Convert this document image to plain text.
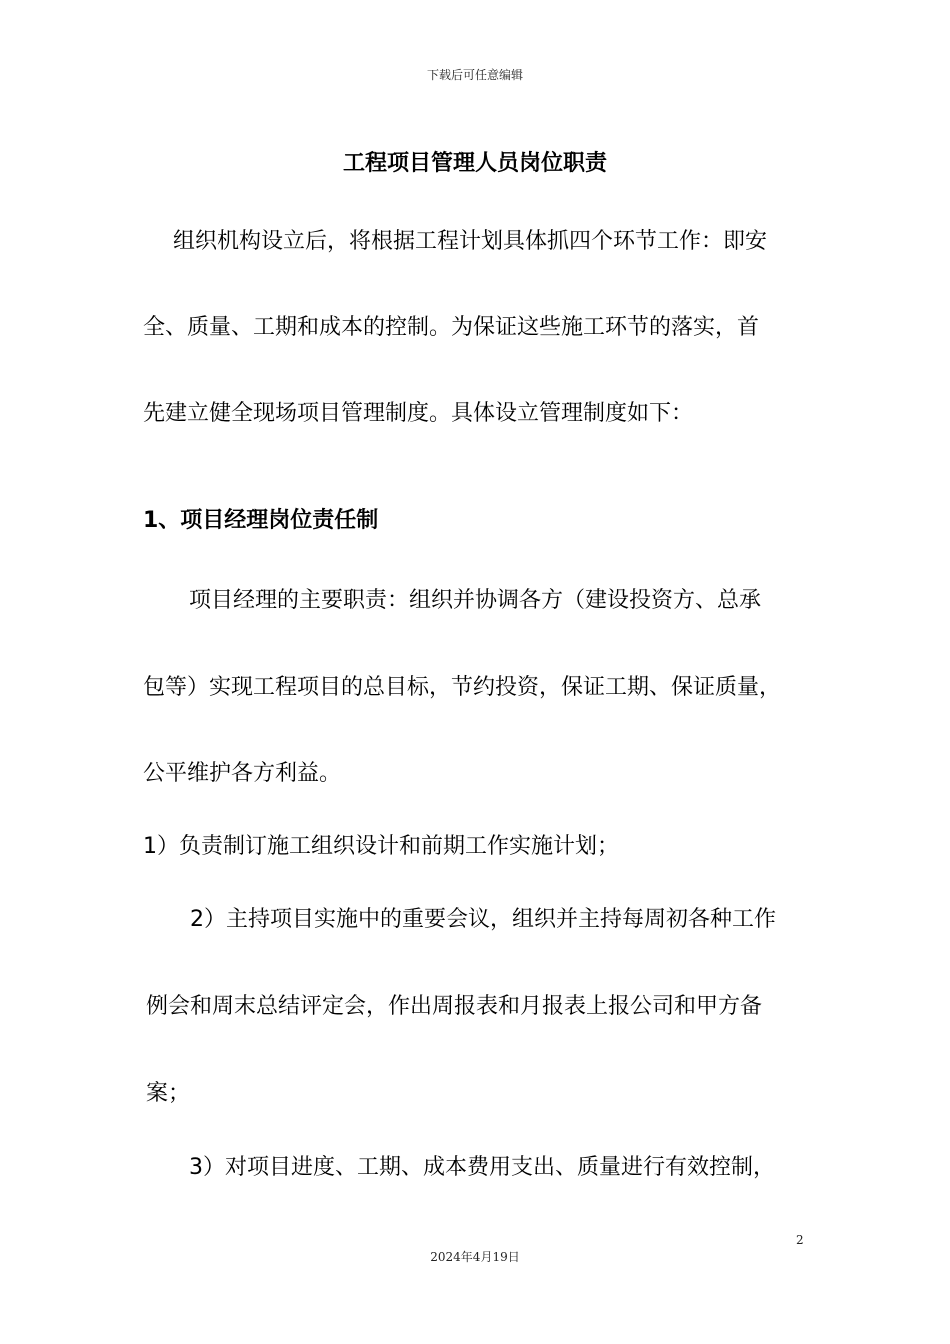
下载后可任意编辑
工程项目管理人员岗位职责
组织机构设立后，将根据工程计划具体抓四个环节工作：即安
全、质量、工期和成本的控制。为保证这些施工环节的落实，首
先建立健全现场项目管理制度。具体设立管理制度如下：
1、项目经理岗位责任制
项目经理的主要职责：组织并协调各方（建设投资方、总承
包等）实现工程项目的总目标，节约投资，保证工期、保证质量，
公平维护各方利益。
1）负责制订施工组织设计和前期工作实施计划；
2）主持项目实施中的重要会议，组织并主持每周初各种工作
例会和周末总结评定会，作出周报表和月报表上报公司和甲方备
案；
3）对项目进度、工期、成本费用支出、质量进行有效控制，
2
2024年4月19日
